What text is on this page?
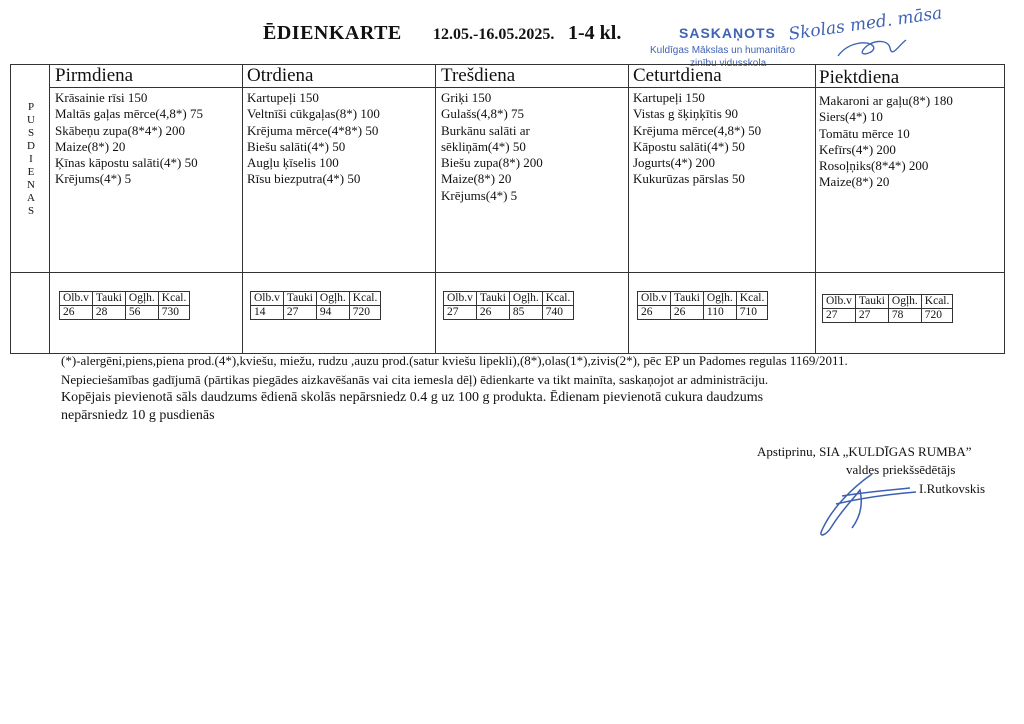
ĒDIENKARTE 12.05.-16.05.2025. 1-4 kl.	SASKAŅOTS
Kuldīgas Mākslas un humanitāro
zinību vidusskola
Skolas med. māsa
P
U
S
D
I
E
N
A
S
Pirmdiena
Krāsainie rīsi 150
Maltās gaļas mērce(4,8*) 75
Skābeņu zupa(8*4*) 200
Maize(8*) 20
Ķīnas kāpostu salāti(4*) 50
Krējums(4*) 5
Olb.v	Tauki	Ogļh.	Kcal.
26	28	56	730
Otrdiena
Kartupeļi 150
Veltnīši cūkgaļas(8*) 100
Krējuma mērce(4*8*) 50
Biešu salāti(4*) 50
Augļu ķīselis 100
Rīsu biezputra(4*) 50
Olb.v	Tauki	Ogļh.	Kcal.
14	27	94	720
Trešdiena
Griķi 150
Gulašs(4,8*) 75
Burkānu salāti ar
sēkliņām(4*) 50
Biešu zupa(8*) 200
Maize(8*) 20
Krējums(4*) 5
Olb.v	Tauki	Ogļh.	Kcal.
27	26	85	740
Ceturtdiena
Kartupeļi 150
Vistas g šķiņķītis 90
Krējuma mērce(4,8*) 50
Kāpostu salāti(4*) 50
Jogurts(4*) 200
Kukurūzas pārslas 50
Olb.v	Tauki	Ogļh.	Kcal.
26	26	110	710
Piektdiena
Makaroni ar gaļu(8*) 180
Siers(4*) 10
Tomātu mērce 10
Kefīrs(4*) 200
Rosoļņiks(8*4*) 200
Maize(8*) 20
Olb.v	Tauki	Ogļh.	Kcal.
27	27	78	720
(*)-alergēni,piens,piena prod.(4*),kviešu, miežu, rudzu ,auzu prod.(satur kviešu lipekli),(8*),olas(1*),zivis(2*), pēc EP un Padomes regulas 1169/2011.
Nepieciešamības gadījumā (pārtikas piegādes aizkavēšanās vai cita iemesla dēļ) ēdienkarte va tikt mainīta, saskaņojot ar administrāciju.
Kopējais pievienotā sāls daudzums ēdienā skolās nepārsniedz 0.4 g uz 100 g produkta. Ēdienam pievienotā cukura daudzums
nepārsniedz 10 g pusdienās
Apstiprinu, SIA „KULDĪGAS RUMBA”
valdes priekšsēdētājs
I.Rutkovskis
